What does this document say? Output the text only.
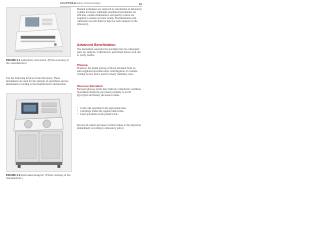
CHAPTER 4
Laboratory Instrumentation	91
FIGURE 4-1 Laboratory instrument. (Photo courtesy of the manufacturer.)

Use the following devices in the laboratory. These instruments are used for the analysis of specimens and are maintained according to the manufacturer's instructions.

FIGURE 4-2 Automated analyzer. (Photo courtesy of the manufacturer.)

Manual techniques are replaced by automation as laboratory volume increases. Although automated instruments are efficient, routine maintenance and quality control are required to ensure accurate results. Documentation and calibration records must be kept for each analyzer in the laboratory.

Advanced Beneficiation

The instrument separates the specimen into its component parts for analysis. Calibration is performed before each run to verify results.

Plasma

Plasma is the liquid portion of blood obtained from an anticoagulated specimen after centrifugation. It contains clotting factors and is used for many chemistry tests.

Glucose Elevation

Elevated glucose levels may indicate a metabolic condition. Specimens should be processed promptly to avoid glycolysis and falsely decreased values.

• Collect the specimen in the appropriate tube.
• Centrifuge within the required time frame.
• Label specimens at the patient's side.

Record all results and report critical values to the physician immediately according to laboratory policy.
